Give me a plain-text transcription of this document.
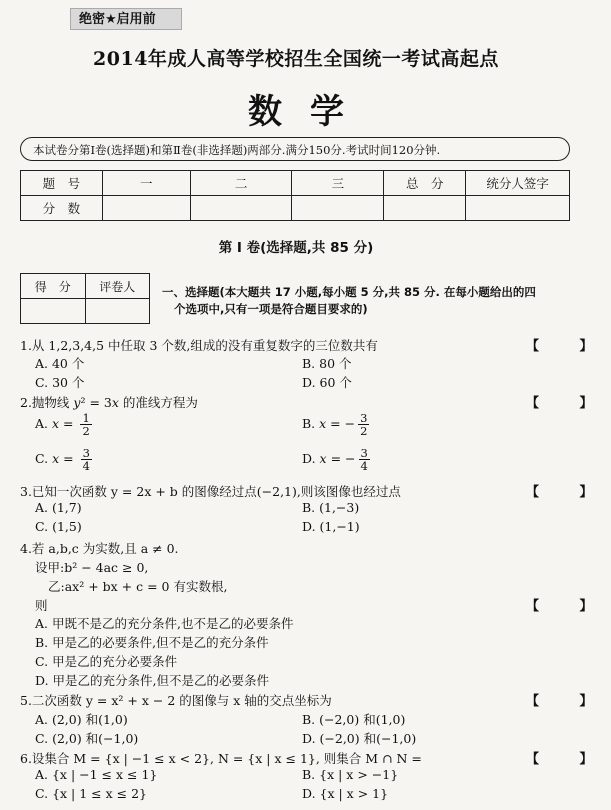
绝密★启用前
2014年成人高等学校招生全国统一考试高起点
数学
本试卷分第Ⅰ卷(选择题)和第Ⅱ卷(非选择题)两部分.满分150分.考试时间120分钟.
题　号	一	二	三	总　分	统分人签字
分　数					
第 Ⅰ 卷(选择题,共 85 分)
得　分	评卷人
	一、选择题(本大题共 17 小题,每小题 5 分,共 85 分. 在每小题给出的四
个选项中,只有一项是符合题目要求的)
1.从 1,2,3,4,5 中任取 3 个数,组成的没有重复数字的三位数共有	【 】
A. 40 个	B. 80 个
C. 30 个	D. 60 个
2.抛物线 y² = 3x 的准线方程为	【 】
A. $x = \frac{1}{2}$	B. x = − $\frac{3}{2}$
C. $x = \frac{3}{4}$	D. x = − $\frac{3}{4}$
3.已知一次函数 y = 2x + b 的图像经过点(−2,1),则该图像也经过点	【 】
A. (1,7)	B. (1,−3)
C. (1,5)	D. (1,−1)
4.若 a,b,c 为实数,且 a ≠ 0.
设甲:b² − 4ac ≥ 0,
乙:ax² + bx + c = 0 有实数根,
则	【 】
A. 甲既不是乙的充分条件,也不是乙的必要条件
B. 甲是乙的必要条件,但不是乙的充分条件
C. 甲是乙的充分必要条件
D. 甲是乙的充分条件,但不是乙的必要条件
5.二次函数 y = x² + x − 2 的图像与 x 轴的交点坐标为	【 】
A. (2,0) 和(1,0)	B. (−2,0) 和(1,0)
C. (2,0) 和(−1,0)	D. (−2,0) 和(−1,0)
6.设集合 M = {x | −1 ≤ x < 2}, N = {x | x ≤ 1}, 则集合 M ∩ N =	【 】
A. {x | −1 ≤ x ≤ 1}	B. {x | x > −1}
C. {x | 1 ≤ x ≤ 2}	D. {x | x > 1}
